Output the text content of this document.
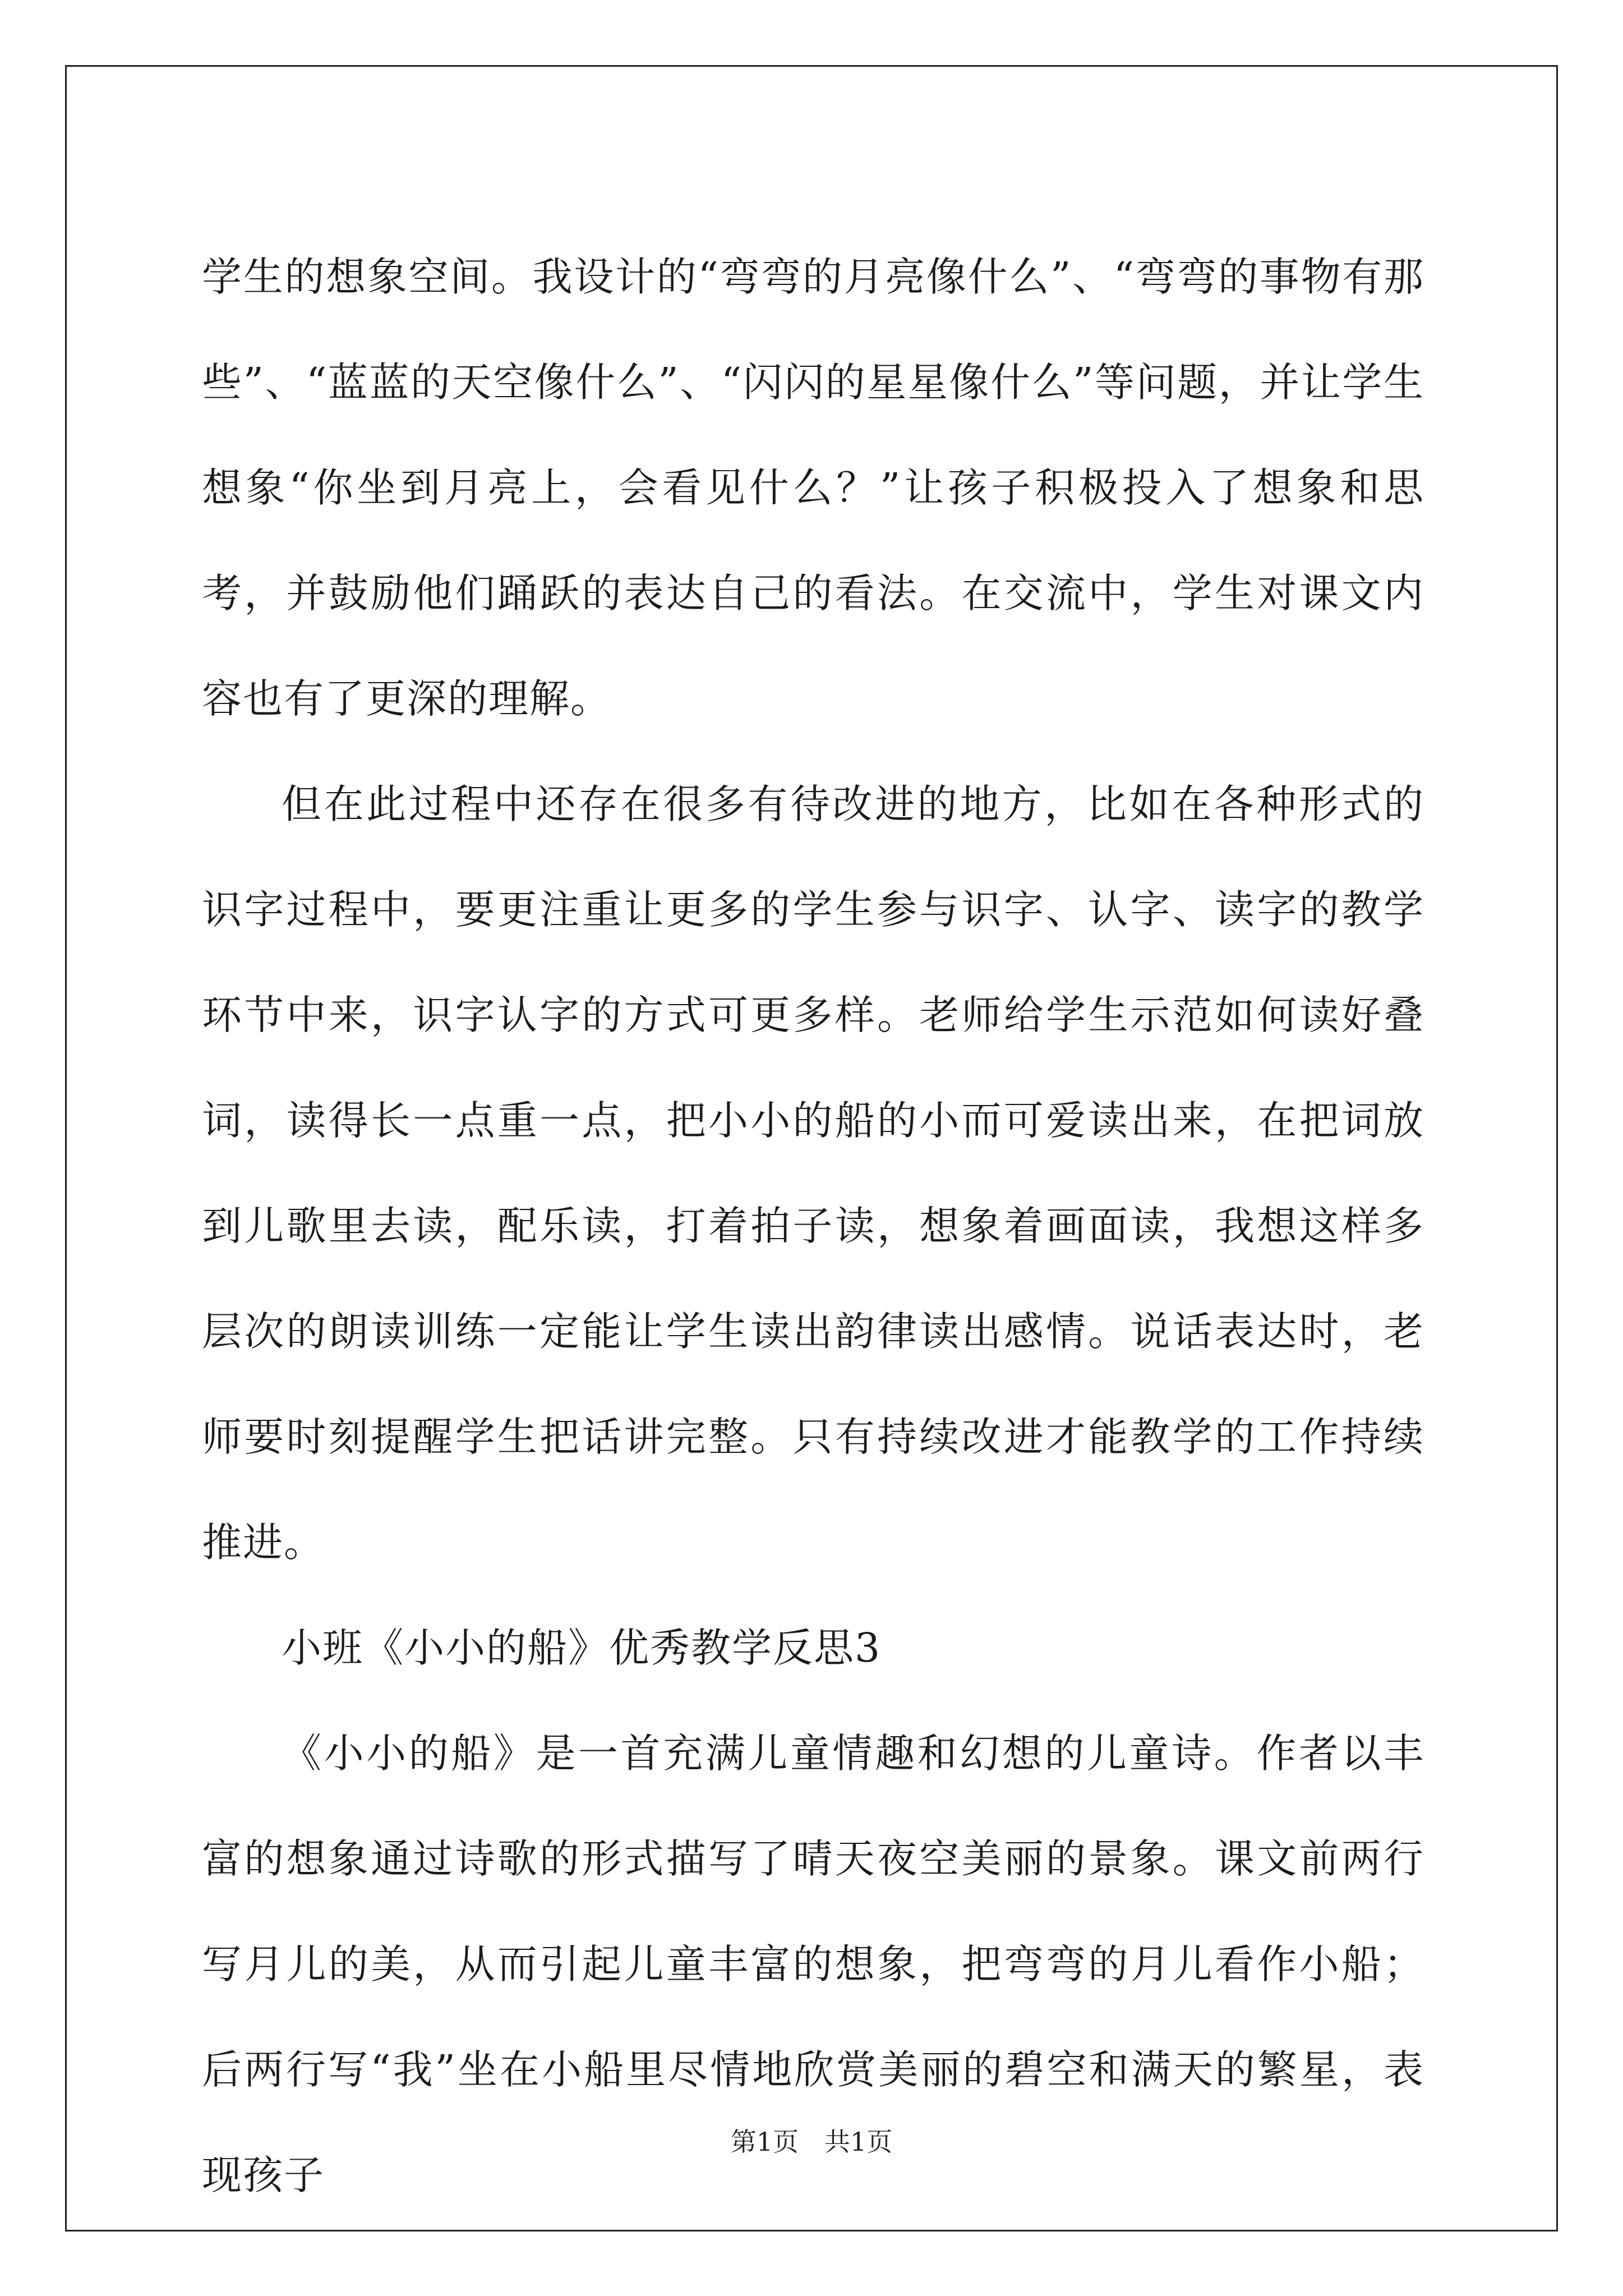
学生的想象空间。我设计的“弯弯的月亮像什么”、“弯弯的事物有那些”、“蓝蓝的天空像什么”、“闪闪的星星像什么”等问题，并让学生想象“你坐到月亮上，会看见什么？”让孩子积极投入了想象和思考，并鼓励他们踊跃的表达自己的看法。在交流中，学生对课文内容也有了更深的理解。

但在此过程中还存在很多有待改进的地方，比如在各种形式的识字过程中，要更注重让更多的学生参与识字、认字、读字的教学环节中来，识字认字的方式可更多样。老师给学生示范如何读好叠词，读得长一点重一点，把小小的船的小而可爱读出来，在把词放到儿歌里去读，配乐读，打着拍子读，想象着画面读，我想这样多层次的朗读训练一定能让学生读出韵律读出感情。说话表达时，老师要时刻提醒学生把话讲完整。只有持续改进才能教学的工作持续推进。

小班《小小的船》优秀教学反思3

《小小的船》是一首充满儿童情趣和幻想的儿童诗。作者以丰富的想象通过诗歌的形式描写了晴天夜空美丽的景象。课文前两行写月儿的美，从而引起儿童丰富的想象，把弯弯的月儿看作小船；后两行写“我”坐在小船里尽情地欣赏美丽的碧空和满天的繁星，表现孩子

第1页 共1页
